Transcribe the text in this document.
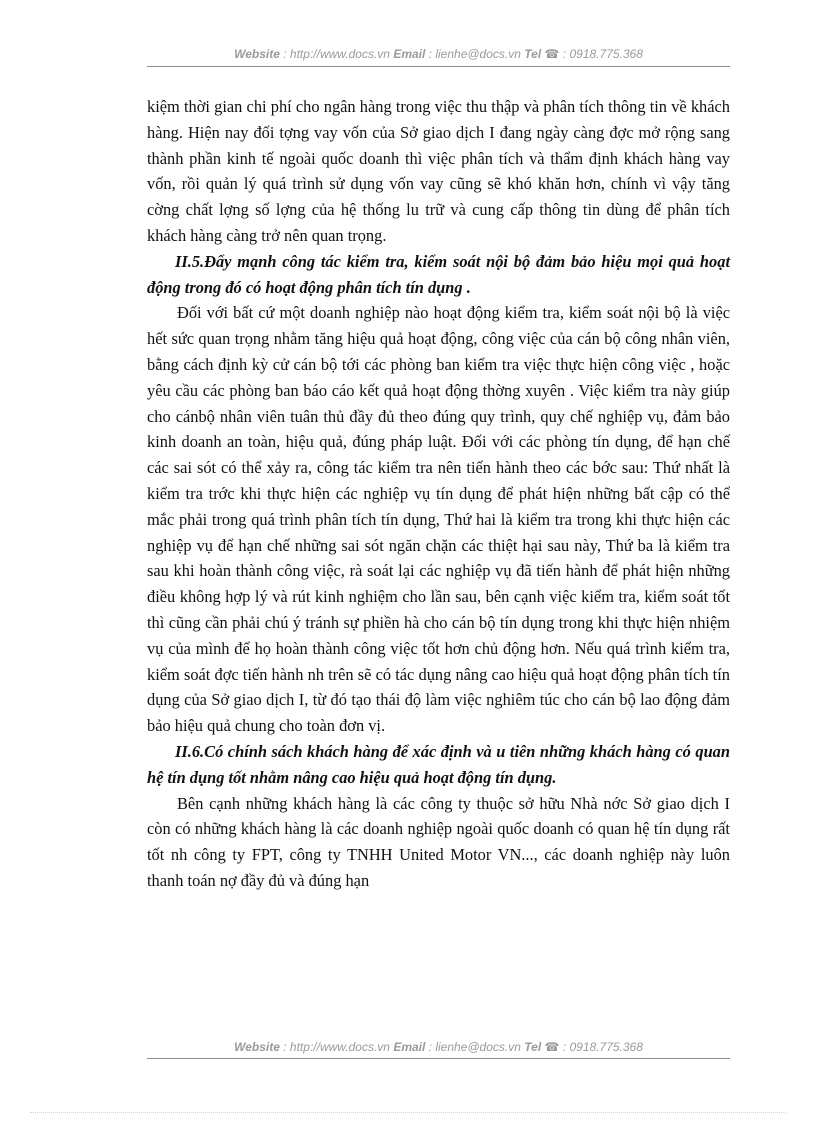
Website : http://www.docs.vn Email : lienhe@docs.vn Tel ☎ : 0918.775.368

kiệm thời gian chi phí cho ngân hàng trong việc thu thập và phân tích thông tin về khách hàng. Hiện nay đối tợng vay vốn của Sở giao dịch I đang ngày càng đợc mở rộng sang thành phần kinh tế ngoài quốc doanh thì việc phân tích và thẩm định khách hàng vay vốn, rồi quản lý quá trình sử dụng vốn vay cũng sẽ khó khăn hơn, chính vì vậy tăng cờng chất lợng số lợng của hệ thống lu trữ và cung cấp thông tin dùng để phân tích khách hàng càng trở nên quan trọng.

II.5.Đẩy mạnh công tác kiểm tra, kiểm soát nội bộ đảm bảo hiệu mọi quả hoạt động trong đó có hoạt động phân tích tín dụng .

Đối với bất cứ một doanh nghiệp nào hoạt động kiểm tra, kiểm soát nội bộ là việc hết sức quan trọng nhằm tăng hiệu quả hoạt động, công việc của cán bộ công nhân viên, bằng cách định kỳ cử cán bộ tới các phòng ban kiểm tra việc thực hiện công việc , hoặc yêu cầu các phòng ban báo cáo kết quả hoạt động thờng xuyên . Việc kiểm tra này giúp cho cánbộ nhân viên tuân thủ đầy đủ theo đúng quy trình, quy chế nghiệp vụ, đảm bảo kinh doanh an toàn, hiệu quả, đúng pháp luật. Đối với các phòng tín dụng, để hạn chế các sai sót có thể xảy ra, công tác kiểm tra nên tiến hành theo các bớc sau: Thứ nhất là kiểm tra trớc khi thực hiện các nghiệp vụ tín dụng để phát hiện những bất cập có thể mắc phải trong quá trình phân tích tín dụng, Thứ hai là kiểm tra trong khi thực hiện các nghiệp vụ để hạn chế những sai sót ngăn chặn các thiệt hại sau này, Thứ ba là kiểm tra sau khi hoàn thành công việc, rà soát lại các nghiệp vụ đã tiến hành để phát hiện những điều không hợp lý và rút kinh nghiệm cho lần sau, bên cạnh việc kiểm tra, kiểm soát tốt thì cũng cần phải chú ý tránh sự phiền hà cho cán bộ tín dụng trong khi thực hiện nhiệm vụ của mình để họ hoàn thành công việc tốt hơn chủ động hơn. Nếu quá trình kiểm tra, kiểm soát đợc tiến hành nh trên sẽ có tác dụng nâng cao hiệu quả hoạt động phân tích tín dụng của Sở giao dịch I, từ đó tạo thái độ làm việc nghiêm túc cho cán bộ lao động đảm bảo hiệu quả chung cho toàn đơn vị.

II.6.Có chính sách khách hàng để xác định và u tiên những khách hàng có quan hệ tín dụng tốt nhằm nâng cao hiệu quả hoạt động tín dụng.

Bên cạnh những khách hàng là các công ty thuộc sở hữu Nhà nớc Sở giao dịch I còn có những khách hàng là các doanh nghiệp ngoài quốc doanh có quan hệ tín dụng rất tốt nh công ty FPT, công ty TNHH United Motor VN..., các doanh nghiệp này luôn thanh toán nợ đầy đủ và đúng hạn

Website : http://www.docs.vn Email : lienhe@docs.vn Tel ☎ : 0918.775.368
